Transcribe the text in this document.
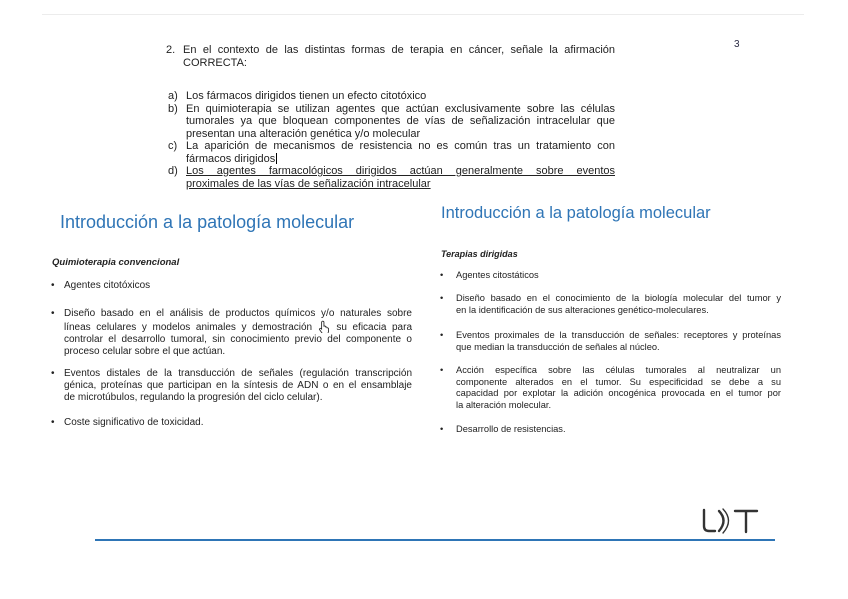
3
2. En el contexto de las distintas formas de terapia en cáncer, señale la afirmación
CORRECTA:
a) Los fármacos dirigidos tienen un efecto citotóxico
b) En quimioterapia se utilizan agentes que actúan exclusivamente sobre las células
tumorales ya que bloquean componentes de vías de señalización intracelular que
presentan una alteración genética y/o molecular
c) La aparición de mecanismos de resistencia no es común tras un tratamiento con
fármacos dirigidos
d) Los agentes farmacológicos dirigidos actúan generalmente sobre eventos
proximales de las vías de señalización intracelular
Introducción a la patología molecular
Quimioterapia convencional
• Agentes citotóxicos
• Diseño basado en el análisis de productos químicos y/o naturales sobre
líneas celulares y modelos animales y demostración su eficacia para
controlar el desarrollo tumoral, sin conocimiento previo del componente o
proceso celular sobre el que actúan.
• Eventos distales de la transducción de señales (regulación transcripción
génica, proteínas que participan en la síntesis de ADN o en el ensamblaje
de microtúbulos, regulando la progresión del ciclo celular).
• Coste significativo de toxicidad.
Introducción a la patología molecular
Terapias dirigidas
• Agentes citostáticos
• Diseño basado en el conocimiento de la biología molecular del tumor y
en la identificación de sus alteraciones genético-moleculares.
• Eventos proximales de la transducción de señales: receptores y proteínas
que median la transducción de señales al núcleo.
• Acción específica sobre las células tumorales al neutralizar un
componente alterados en el tumor. Su especificidad se debe a su
capacidad por explotar la adición oncogénica provocada en el tumor por
la alteración molecular.
• Desarrollo de resistencias.
